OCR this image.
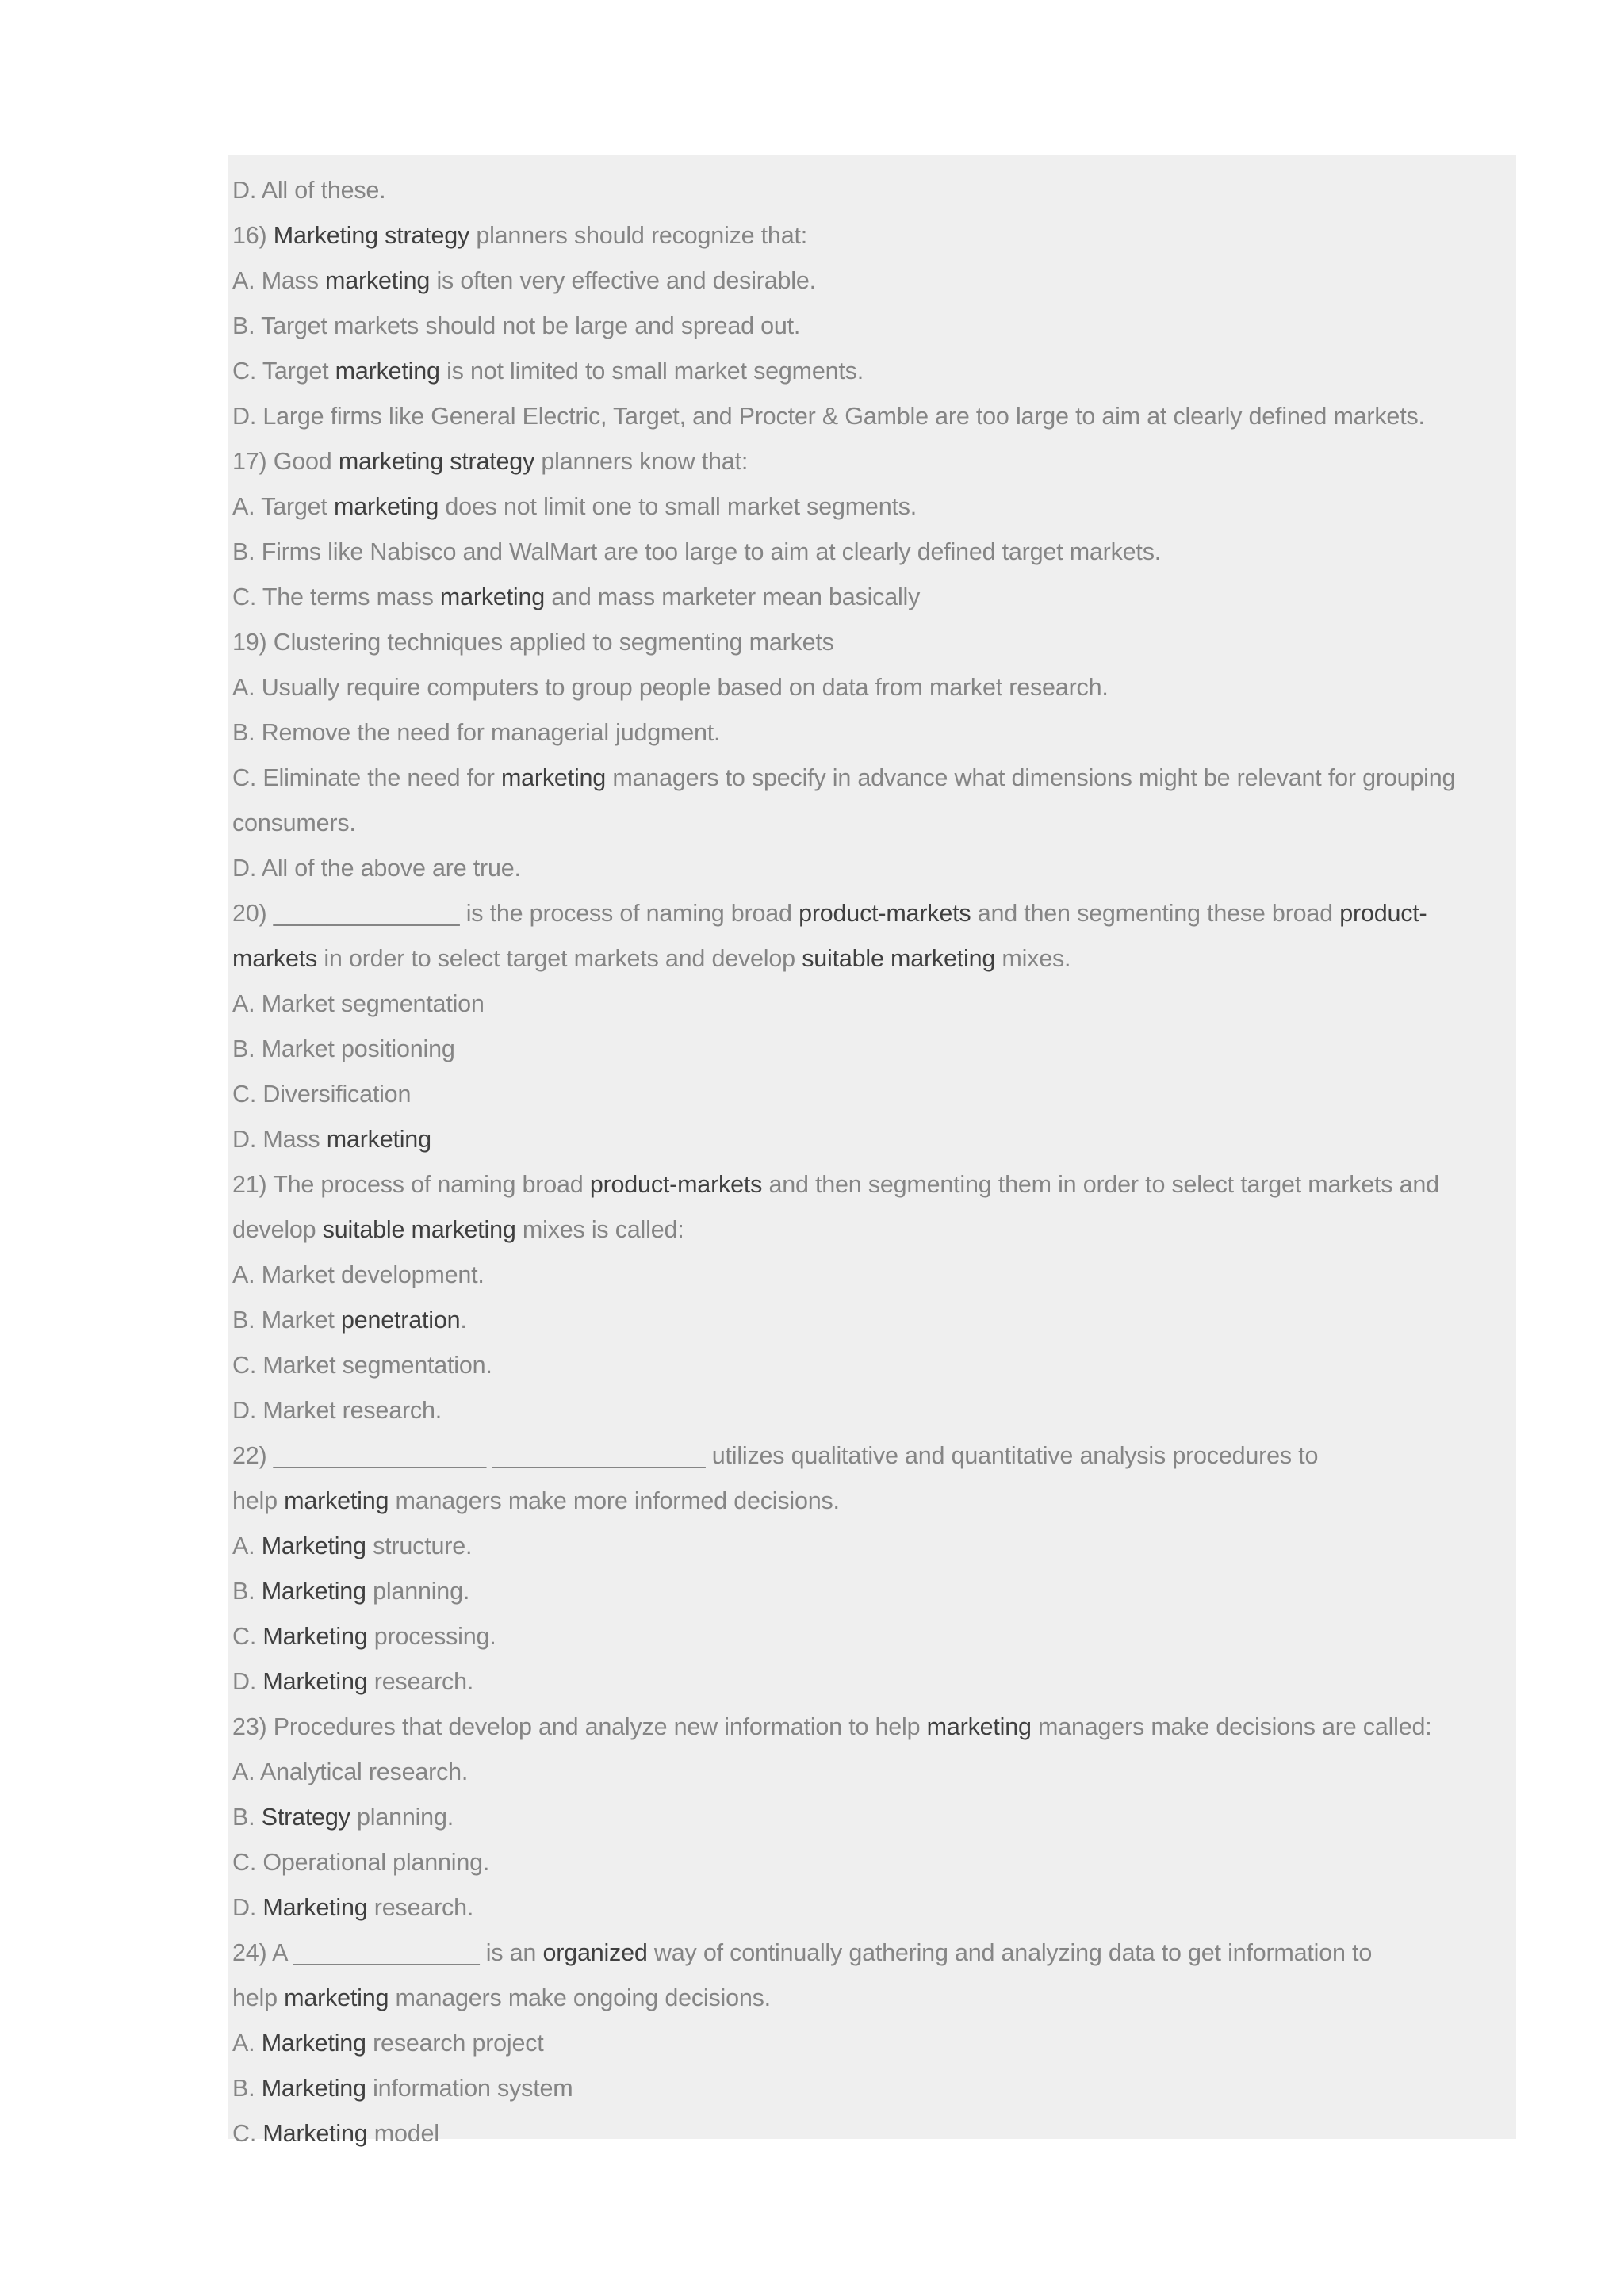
D. All of these.
16) Marketing strategy planners should recognize that:
A. Mass marketing is often very effective and desirable.
B. Target markets should not be large and spread out.
C. Target marketing is not limited to small market segments.
D. Large firms like General Electric, Target, and Procter & Gamble are too large to aim at clearly defined markets.
17) Good marketing strategy planners know that:
A. Target marketing does not limit one to small market segments.
B. Firms like Nabisco and WalMart are too large to aim at clearly defined target markets.
C. The terms mass marketing and mass marketer mean basically
19) Clustering techniques applied to segmenting markets
A. Usually require computers to group people based on data from market research.
B. Remove the need for managerial judgment.
C. Eliminate the need for marketing managers to specify in advance what dimensions might be relevant for grouping
consumers.
D. All of the above are true.
20) ______________ is the process of naming broad product-markets and then segmenting these broad product-
markets in order to select target markets and develop suitable marketing mixes.
A. Market segmentation
B. Market positioning
C. Diversification
D. Mass marketing
21) The process of naming broad product-markets and then segmenting them in order to select target markets and
develop suitable marketing mixes is called:
A. Market development.
B. Market penetration.
C. Market segmentation.
D. Market research.
22) ________________ ________________ utilizes qualitative and quantitative analysis procedures to
help marketing managers make more informed decisions.
A. Marketing structure.
B. Marketing planning.
C. Marketing processing.
D. Marketing research.
23) Procedures that develop and analyze new information to help marketing managers make decisions are called:
A. Analytical research.
B. Strategy planning.
C. Operational planning.
D. Marketing research.
24) A ______________ is an organized way of continually gathering and analyzing data to get information to
help marketing managers make ongoing decisions.
A. Marketing research project
B. Marketing information system
C. Marketing model
